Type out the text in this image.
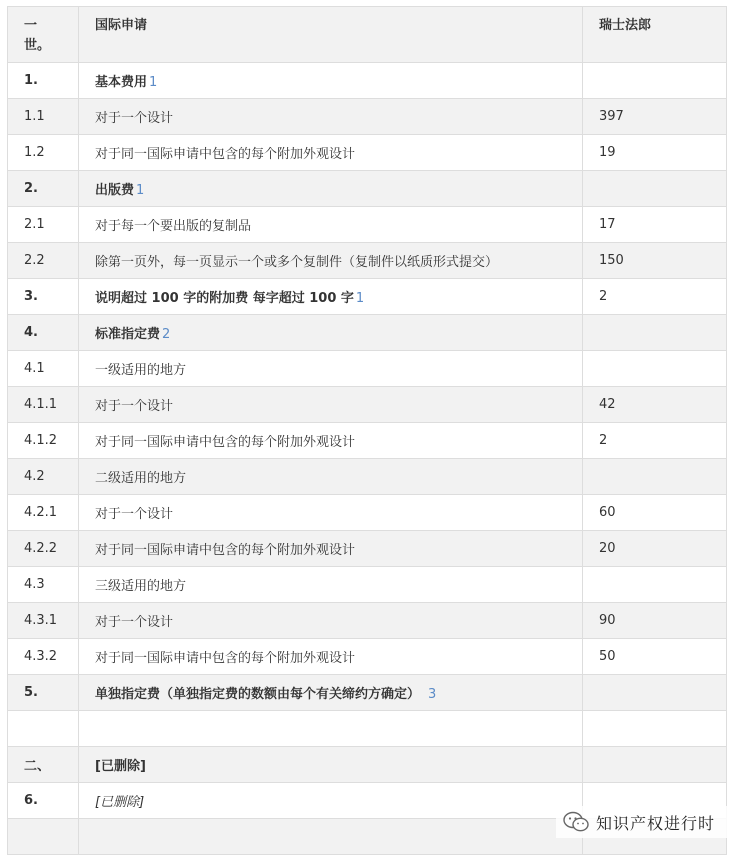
一
世。	国际申请	瑞士法郎
1.	基本费用 1	
1.1	对于一个设计	397
1.2	对于同一国际申请中包含的每个附加外观设计	19
2.	出版费 1	
2.1	对于每一个要出版的复制品	17
2.2	除第一页外，每一页显示一个或多个复制件（复制件以纸质形式提交）	150
3.	说明超过 100 字的附加费 每字超过 100 字 1	2
4.	标准指定费 2	
4.1	一级适用的地方	
4.1.1	对于一个设计	42
4.1.2	对于同一国际申请中包含的每个附加外观设计	2
4.2	二级适用的地方	
4.2.1	对于一个设计	60
4.2.2	对于同一国际申请中包含的每个附加外观设计	20
4.3	三级适用的地方	
4.3.1	对于一个设计	90
4.3.2	对于同一国际申请中包含的每个附加外观设计	50
5.	单独指定费（单独指定费的数额由每个有关缔约方确定） 3	

二、	[已删除]	
6.	[已删除]	

知识产权进行时
